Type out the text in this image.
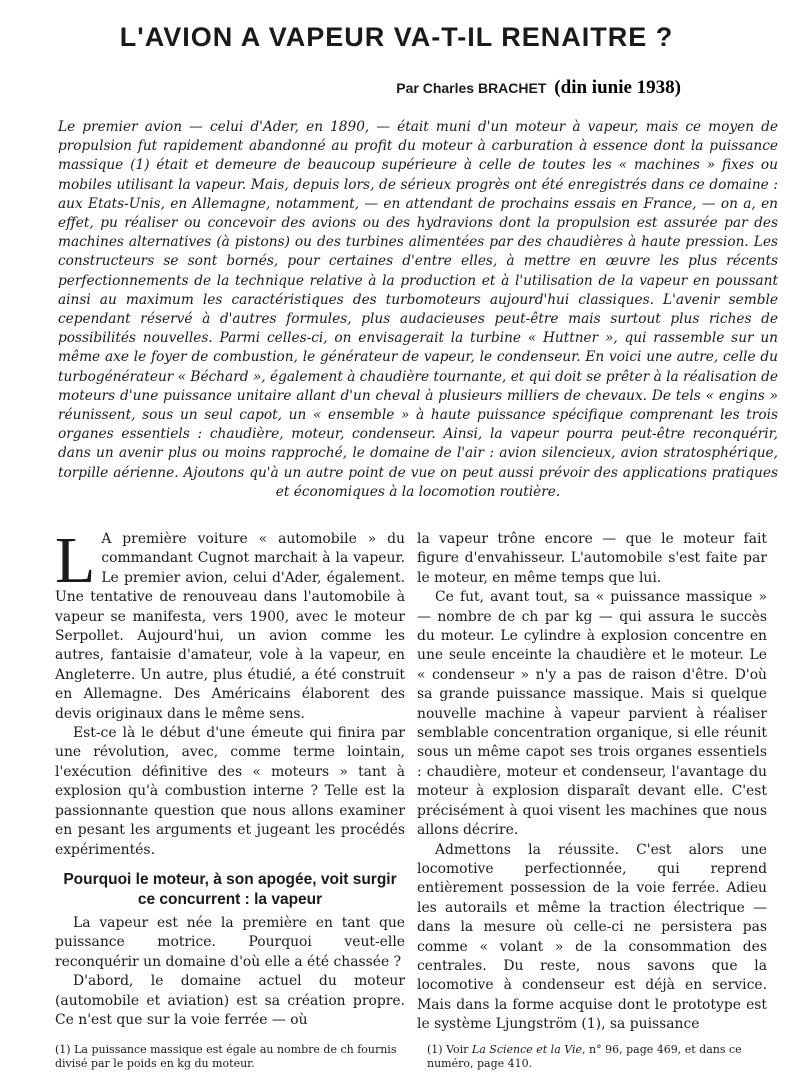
L'AVION A VAPEUR VA-T-IL RENAITRE ?
Par Charles BRACHET (din iunie 1938)

Le premier avion — celui d'Ader, en 1890, — était muni d'un moteur à vapeur, mais ce moyen de propulsion fut rapidement abandonné au profit du moteur à carburation à essence dont la puissance massique (1) était et demeure de beaucoup supérieure à celle de toutes les « machines » fixes ou mobiles utilisant la vapeur. Mais, depuis lors, de sérieux progrès ont été enregistrés dans ce domaine : aux Etats-Unis, en Allemagne, notamment, — en attendant de prochains essais en France, — on a, en effet, pu réaliser ou concevoir des avions ou des hydravions dont la propulsion est assurée par des machines alternatives (à pistons) ou des turbines alimentées par des chaudières à haute pression. Les constructeurs se sont bornés, pour certaines d'entre elles, à mettre en œuvre les plus récents perfectionnements de la technique relative à la production et à l'utilisation de la vapeur en poussant ainsi au maximum les caractéristiques des turbomoteurs aujourd'hui classiques. L'avenir semble cependant réservé à d'autres formules, plus audacieuses peut-être mais surtout plus riches de possibilités nouvelles. Parmi celles-ci, on envisagerait la turbine « Huttner », qui rassemble sur un même axe le foyer de combustion, le générateur de vapeur, le condenseur. En voici une autre, celle du turbogénérateur « Béchard », également à chaudière tournante, et qui doit se prêter à la réalisation de moteurs d'une puissance unitaire allant d'un cheval à plusieurs milliers de chevaux. De tels « engins » réunissent, sous un seul capot, un « ensemble » à haute puissance spécifique comprenant les trois organes essentiels : chaudière, moteur, condenseur. Ainsi, la vapeur pourra peut-être reconquérir, dans un avenir plus ou moins rapproché, le domaine de l'air : avion silencieux, avion stratosphérique, torpille aérienne. Ajoutons qu'à un autre point de vue on peut aussi prévoir des applications pratiques et économiques à la locomotion routière.

L A première voiture « automobile » du commandant Cugnot marchait à la vapeur. Le premier avion, celui d'Ader, également. Une tentative de renouveau dans l'automobile à vapeur se manifesta, vers 1900, avec le moteur Serpollet. Aujourd'hui, un avion comme les autres, fantaisie d'amateur, vole à la vapeur, en Angleterre. Un autre, plus étudié, a été construit en Allemagne. Des Américains élaborent des devis originaux dans le même sens.

Est-ce là le début d'une émeute qui finira par une révolution, avec, comme terme lointain, l'exécution définitive des « moteurs » tant à explosion qu'à combustion interne ? Telle est la passionnante question que nous allons examiner en pesant les arguments et jugeant les procédés expérimentés.

Pourquoi le moteur, à son apogée, voit surgir ce concurrent : la vapeur

La vapeur est née la première en tant que puissance motrice. Pourquoi veut-elle reconquérir un domaine d'où elle a été chassée ?

D'abord, le domaine actuel du moteur (automobile et aviation) est sa création propre. Ce n'est que sur la voie ferrée — où

la vapeur trône encore — que le moteur fait figure d'envahisseur. L'automobile s'est faite par le moteur, en même temps que lui.

Ce fut, avant tout, sa « puissance massique » — nombre de ch par kg — qui assura le succès du moteur. Le cylindre à explosion concentre en une seule enceinte la chaudière et le moteur. Le « condenseur » n'y a pas de raison d'être. D'où sa grande puissance massique. Mais si quelque nouvelle machine à vapeur parvient à réaliser semblable concentration organique, si elle réunit sous un même capot ses trois organes essentiels : chaudière, moteur et condenseur, l'avantage du moteur à explosion disparaît devant elle. C'est précisément à quoi visent les machines que nous allons décrire.

Admettons la réussite. C'est alors une locomotive perfectionnée, qui reprend entièrement possession de la voie ferrée. Adieu les autorails et même la traction électrique — dans la mesure où celle-ci ne persistera pas comme « volant » de la consommation des centrales. Du reste, nous savons que la locomotive à condenseur est déjà en service. Mais dans la forme acquise dont le prototype est le système Ljungström (1), sa puissance

(1) La puissance massique est égale au nombre de ch fournis divisé par le poids en kg du moteur.

(1) Voir La Science et la Vie, n° 96, page 469, et dans ce numéro, page 410.
